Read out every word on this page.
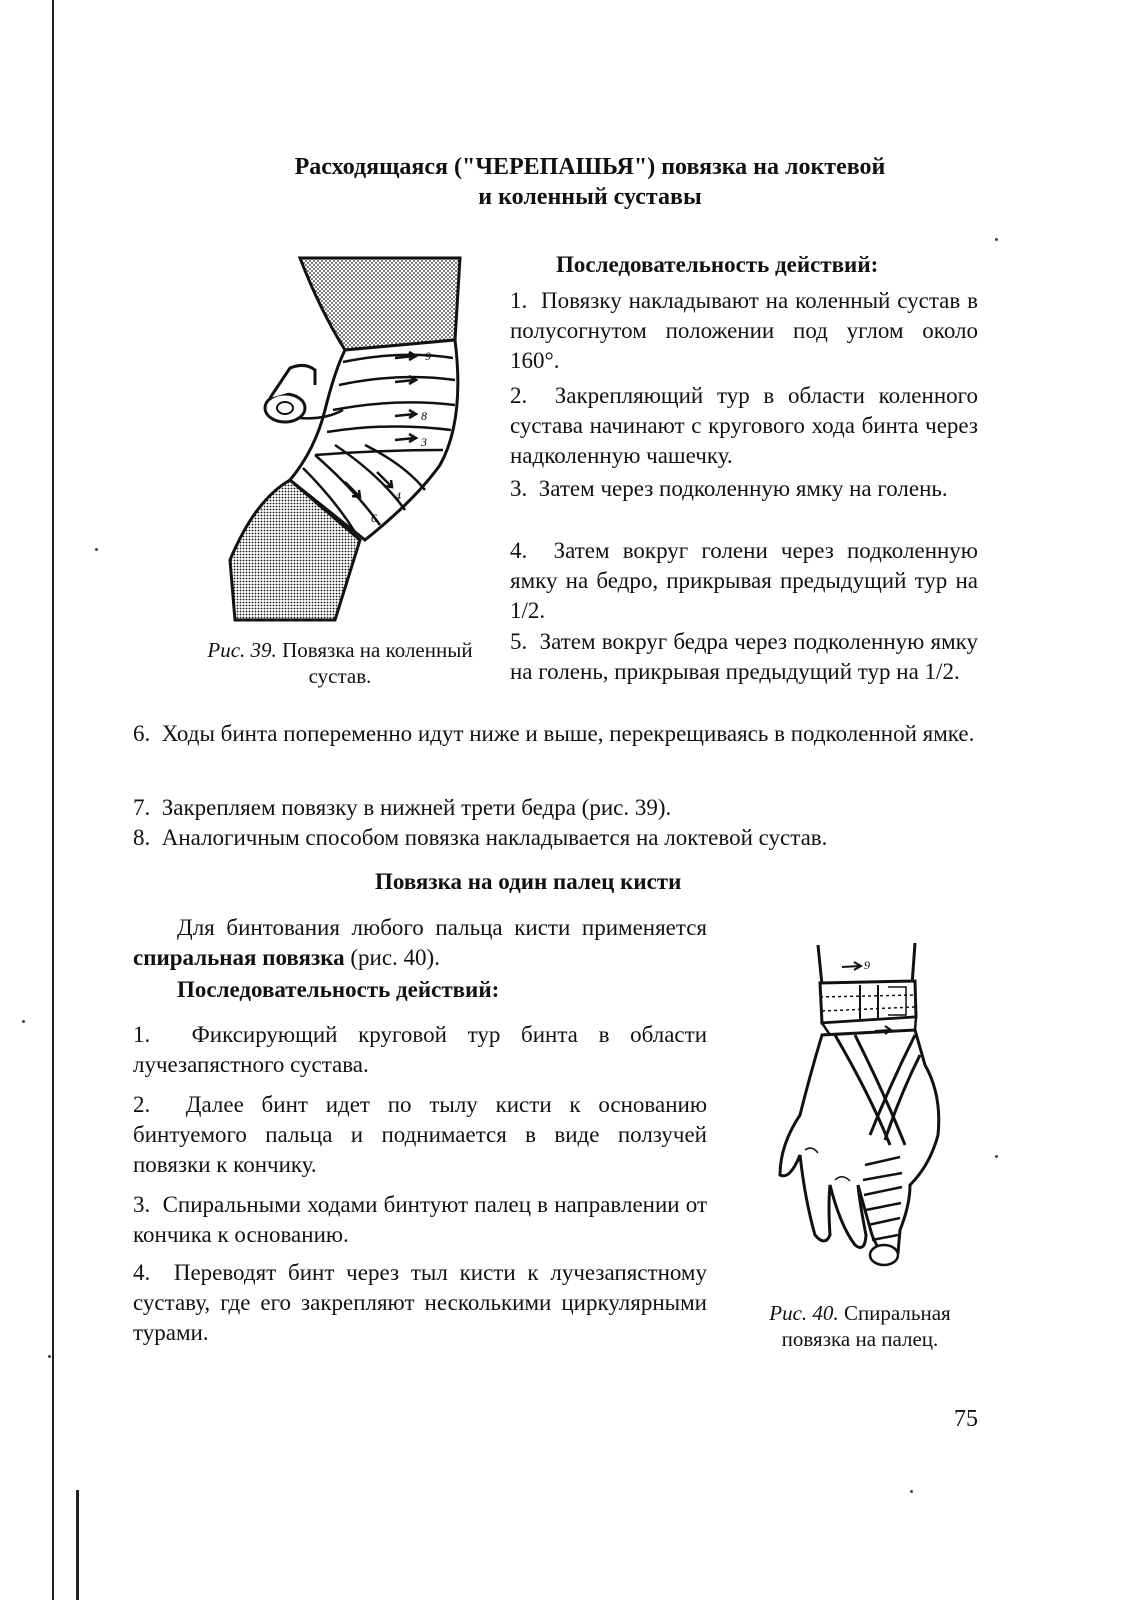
Расходящаяся ("ЧЕРЕПАШЬЯ") повязка на локтевой
и коленный суставы
9
8
3
4
6
Рис. 39. Повязка на коленный сустав.
Последовательность действий:

1. Повязку накладывают на коленный сустав в полусогнутом положении под углом около 160°.

2. Закрепляющий тур в области коленного сустава начинают с кругового хода бинта через надколенную чашечку.

3. Затем через подколенную ямку на голень.

4. Затем вокруг голени через подколенную ямку на бедро, прикрывая предыдущий тур на 1/2.

5. Затем вокруг бедра через подколенную ямку на голень, прикрывая предыдущий тур на 1/2.

6. Ходы бинта попеременно идут ниже и выше, перекрещиваясь в подколенной ямке.

7. Закрепляем повязку в нижней трети бедра (рис. 39).

8. Аналогичным способом повязка накладывается на локтевой сустав.

Повязка на один палец кисти

Для бинтования любого пальца кисти применяется спиральная повязка (рис. 40).

Последовательность действий:

1. Фиксирующий круговой тур бинта в области лучезапястного сустава.

2. Далее бинт идет по тылу кисти к основанию бинтуемого пальца и поднимается в виде ползучей повязки к кончику.

3. Спиральными ходами бинтуют палец в направлении от кончика к основанию.

4. Переводят бинт через тыл кисти к лучезапястному суставу, где его закрепляют несколькими циркулярными турами.

9
Рис. 40. Спиральная повязка на палец.
75
